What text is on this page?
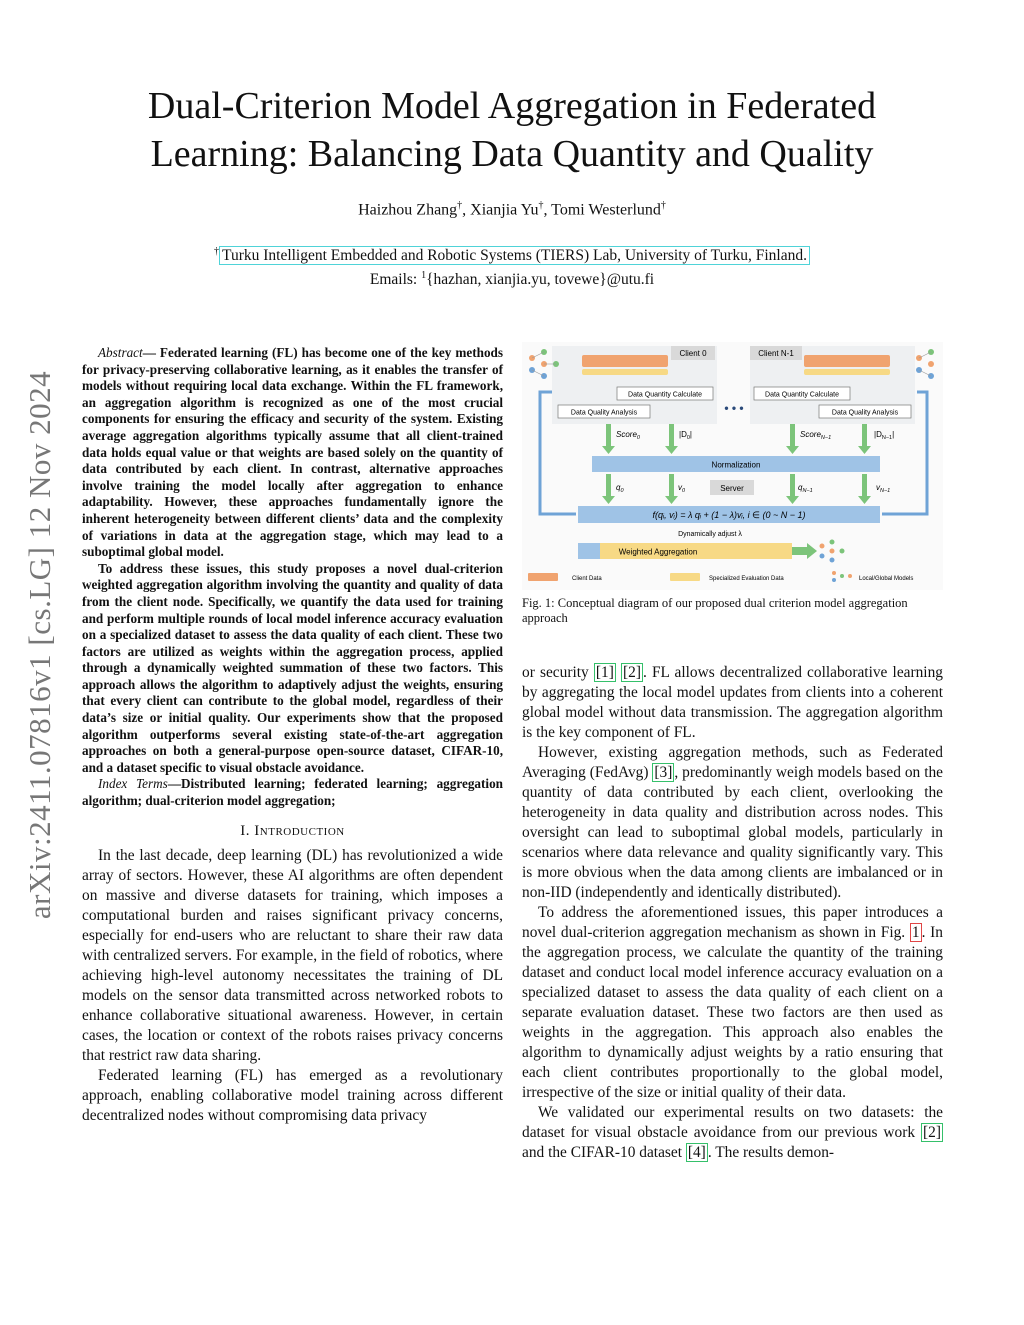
arXiv:2411.07816v1 [cs.LG] 12 Nov 2024
Dual-Criterion Model Aggregation in Federated
Learning: Balancing Data Quantity and Quality
Haizhou Zhang†, Xianjia Yu†, Tomi Westerlund†
† Turku Intelligent Embedded and Robotic Systems (TIERS) Lab, University of Turku, Finland.
Emails: $^1${hazhan, xianjia.yu, tovewe}@utu.fi

Abstract— Federated learning (FL) has become one of the key methods for privacy-preserving collaborative learning, as it enables the transfer of models without requiring local data exchange. Within the FL framework, an aggregation algorithm is recognized as one of the most crucial components for ensuring the efficacy and security of the system. Existing average aggregation algorithms typically assume that all client-trained data holds equal value or that weights are based solely on the quantity of data contributed by each client. In contrast, alternative approaches involve training the model locally after aggregation to enhance adaptability. However, these approaches fundamentally ignore the inherent heterogeneity between different clients’ data and the complexity of variations in data at the aggregation stage, which may lead to a suboptimal global model.

To address these issues, this study proposes a novel dual-criterion weighted aggregation algorithm involving the quantity and quality of data from the client node. Specifically, we quantify the data used for training and perform multiple rounds of local model inference accuracy evaluation on a specialized dataset to assess the data quality of each client. These two factors are utilized as weights within the aggregation process, applied through a dynamically weighted summation of these two factors. This approach allows the algorithm to adaptively adjust the weights, ensuring that every client can contribute to the global model, regardless of their data’s size or initial quality. Our experiments show that the proposed algorithm outperforms several existing state-of-the-art aggregation approaches on both a general-purpose open-source dataset, CIFAR-10, and a dataset specific to visual obstacle avoidance.

Index Terms—Distributed learning; federated learning; aggregation algorithm; dual-criterion model aggregation;

I. Introduction

In the last decade, deep learning (DL) has revolutionized a wide array of sectors. However, these AI algorithms are often dependent on massive and diverse datasets for training, which imposes a computational burden and raises significant privacy concerns, especially for end-users who are reluctant to share their raw data with centralized servers. For example, in the field of robotics, where achieving high-level autonomy necessitates the training of DL models on the sensor data transmitted across networked robots to enhance collaborative situational awareness. However, in certain cases, the location or context of the robots raises privacy concerns that restrict raw data sharing.

Federated learning (FL) has emerged as a revolutionary approach, enabling collaborative model training across different decentralized nodes without compromising data privacy

Client 0	Client N-1
Data Quantity Calculate
Data Quality Analysis
Data Quantity Calculate
Data Quality Analysis
• • •
Score$_0$	$|D_0|$	Score$_{N-1}$	$|D_{N-1}|$
Normalization
$q_0$	$v_0$	$q_{N-1}$	$v_{N-1}$
Server
f(qᵢ, vᵢ) = λ qᵢ + (1 − λ)vᵢ, i ∈ (0 ~ N − 1)
Dynamically adjust λ
Weighted Aggregation
Client Data	Specialized Evaluation Data	Local/Global Models
Fig. 1: Conceptual diagram of our proposed dual criterion model aggregation approach

or security [1] [2] . FL allows decentralized collaborative learning by aggregating the local model updates from clients into a coherent global model without data transmission. The aggregation algorithm is the key component of FL.

However, existing aggregation methods, such as Federated Averaging (FedAvg) [3] , predominantly weigh models based on the quantity of data contributed by each client, overlooking the heterogeneity in data quality and distribution across nodes. This oversight can lead to suboptimal global models, particularly in scenarios where data relevance and quality significantly vary. This is more obvious when the data among clients are imbalanced or in non-IID (independently and identically distributed).

To address the aforementioned issues, this paper introduces a novel dual-criterion aggregation mechanism as shown in Fig. 1 . In the aggregation process, we calculate the quantity of the training dataset and conduct local model inference accuracy evaluation on a specialized dataset to assess the data quality of each client on a separate evaluation dataset. These two factors are then used as weights in the aggregation. This approach also enables the algorithm to dynamically adjust weights by a ratio ensuring that each client contributes proportionally to the global model, irrespective of the size or initial quality of their data.

We validated our experimental results on two datasets: the dataset for visual obstacle avoidance from our previous work [2] and the CIFAR-10 dataset [4] . The results demon-
